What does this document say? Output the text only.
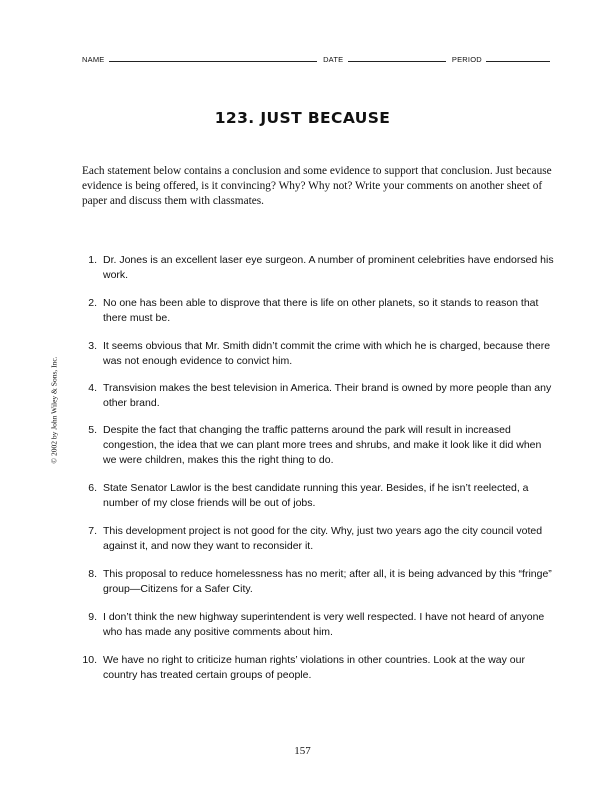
NAME	DATE	PERIOD
123. JUST BECAUSE
Each statement below contains a conclusion and some evidence to support that conclusion. Just because evidence is being offered, is it convincing? Why? Why not? Write your comments on another sheet of paper and discuss them with classmates.
1. Dr. Jones is an excellent laser eye surgeon. A number of prominent celebrities have endorsed his work.
2. No one has been able to disprove that there is life on other planets, so it stands to reason that there must be.
3. It seems obvious that Mr. Smith didn’t commit the crime with which he is charged, because there was not enough evidence to convict him.
4. Transvision makes the best television in America. Their brand is owned by more people than any other brand.
5. Despite the fact that changing the traffic patterns around the park will result in increased congestion, the idea that we can plant more trees and shrubs, and make it look like it did when we were children, makes this the right thing to do.
6. State Senator Lawlor is the best candidate running this year. Besides, if he isn’t reelected, a number of my close friends will be out of jobs.
7. This development project is not good for the city. Why, just two years ago the city council voted against it, and now they want to reconsider it.
8. This proposal to reduce homelessness has no merit; after all, it is being advanced by this “fringe” group—Citizens for a Safer City.
9. I don’t think the new highway superintendent is very well respected. I have not heard of anyone who has made any positive comments about him.
10. We have no right to criticize human rights’ violations in other countries. Look at the way our country has treated certain groups of people.
© 2002 by John Wiley & Sons, Inc.
157
